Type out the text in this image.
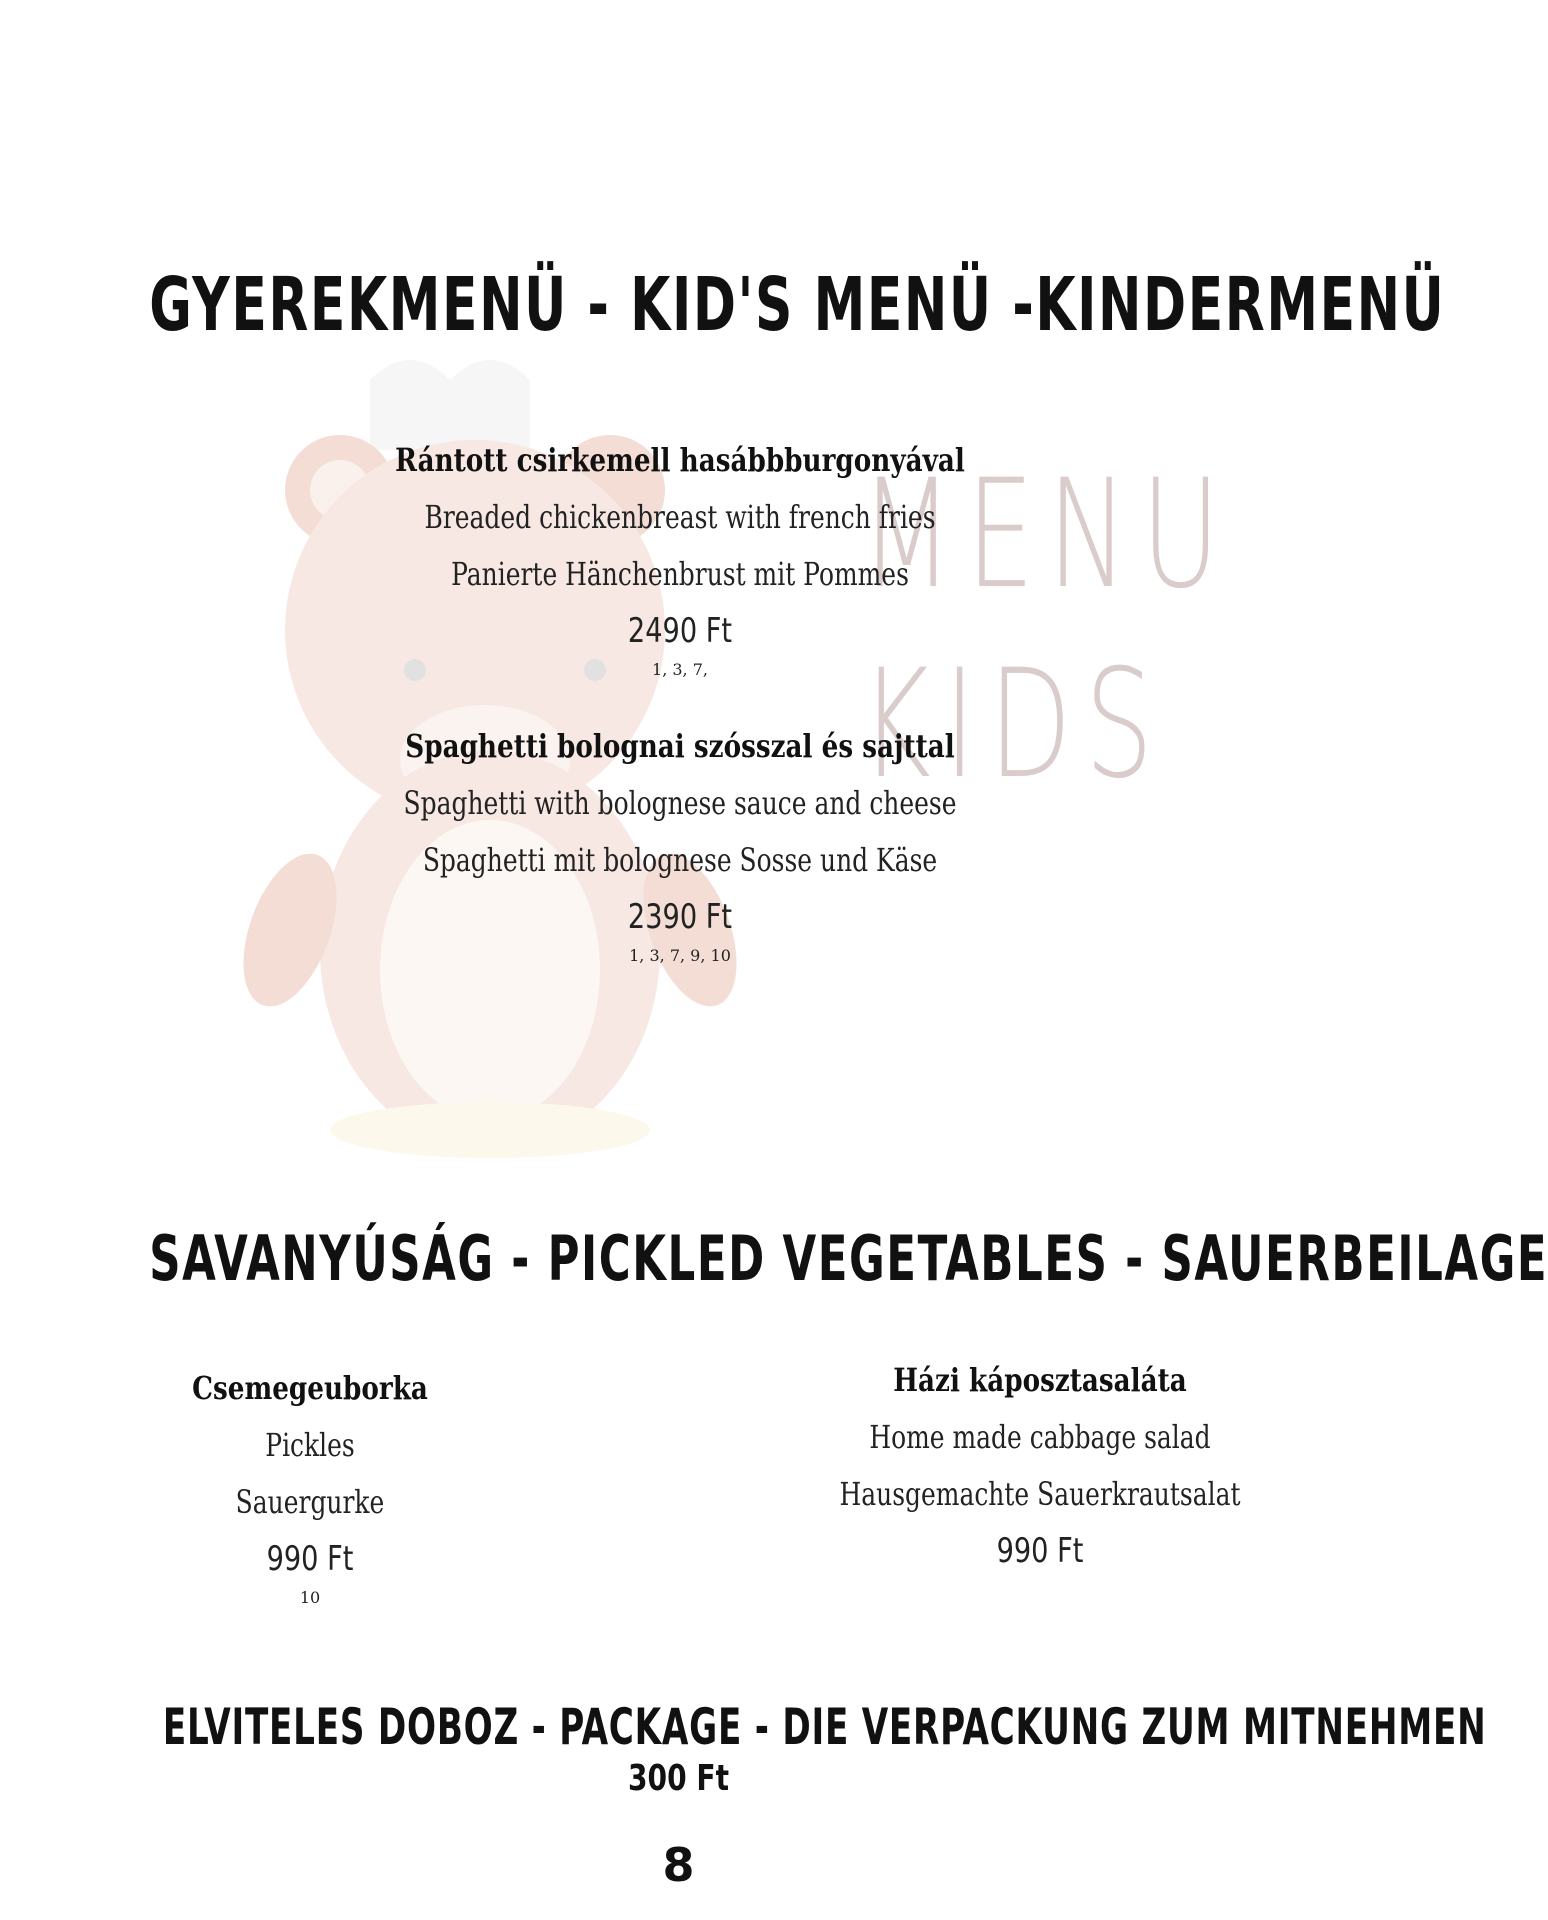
MENU
KIDS
GYEREKMENÜ - KID'S MENÜ -KINDERMENÜ
Rántott csirkemell hasábbburgonyával
Breaded chickenbreast with french fries
Panierte Hänchenbrust mit Pommes
2490 Ft
1, 3, 7,
Spaghetti bolognai szósszal és sajttal
Spaghetti with bolognese sauce and cheese
Spaghetti mit bolognese Sosse und Käse
2390 Ft
1, 3, 7, 9, 10
SAVANYÚSÁG - PICKLED VEGETABLES - SAUERBEILAGE
Csemegeuborka
Pickles
Sauergurke
990 Ft
10
Házi káposztasaláta
Home made cabbage salad
Hausgemachte Sauerkrautsalat
990 Ft
ELVITELES DOBOZ - PACKAGE - DIE VERPACKUNG ZUM MITNEHMEN
300 Ft
8
